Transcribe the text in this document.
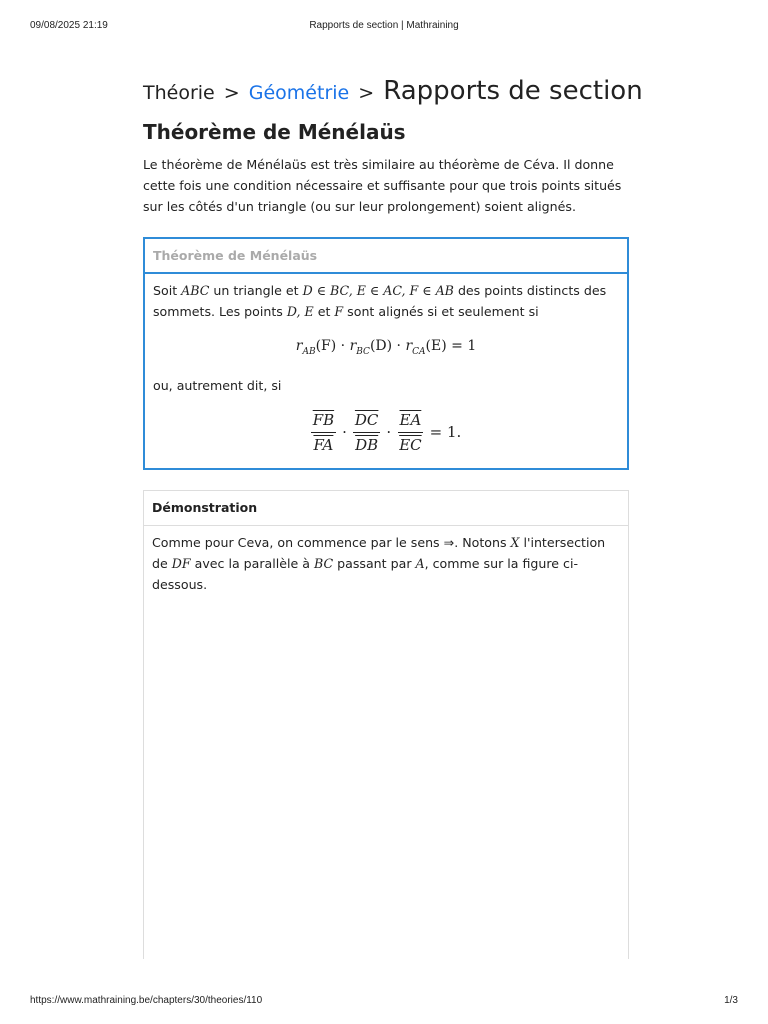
09/08/2025 21:19	Rapports de section | Mathraining
Théorie > Géométrie > Rapports de section
Théorème de Ménélaüs

Le théorème de Ménélaüs est très similaire au théorème de Céva. Il donne cette fois une condition nécessaire et suffisante pour que trois points situés sur les côtés d'un triangle (ou sur leur prolongement) soient alignés.

Théorème de Ménélaüs
Soit ABC un triangle et D ∈ BC, E ∈ AC, F ∈ AB des points distincts des sommets. Les points D, E et F sont alignés si et seulement si
$r_{AB}(F) \cdot r_{BC}(D) \cdot r_{CA}(E) = 1$
ou, autrement dit, si
$\frac{\overline{FB}}{FA} \cdot \frac{\overline{DC}}{DB} \cdot \frac{\overline{EA}}{EC} = 1$.
Démonstration
Comme pour Ceva, on commence par le sens ⇒. Notons X l'intersection de DF avec la parallèle à BC passant par A, comme sur la figure ci-dessous.
https://www.mathraining.be/chapters/30/theories/110	1/3
